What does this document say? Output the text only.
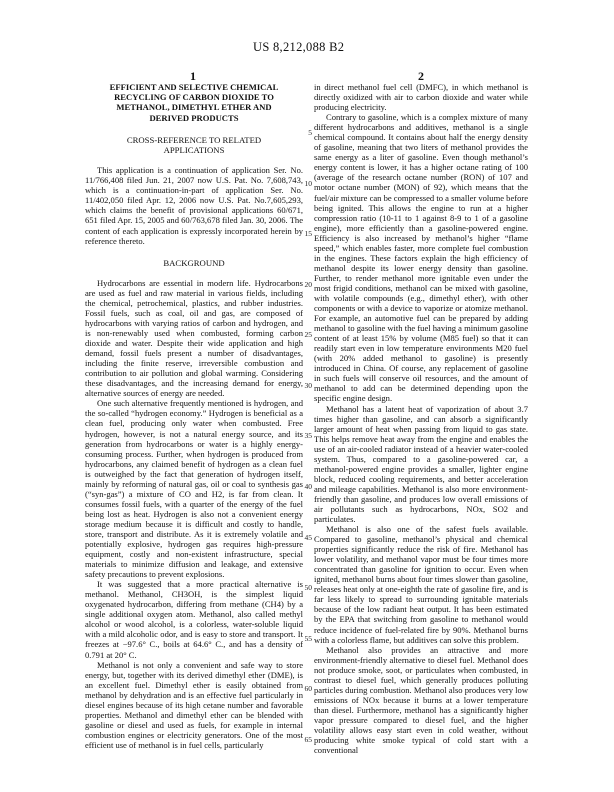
US 8,212,088 B2
1	2
EFFICIENT AND SELECTIVE CHEMICAL
RECYCLING OF CARBON DIOXIDE TO
METHANOL, DIMETHYL ETHER AND
DERIVED PRODUCTS
CROSS-REFERENCE TO RELATED
APPLICATIONS

This application is a continuation of application Ser. No. 11/766,408 filed Jun. 21, 2007 now U.S. Pat. No. 7,608,743, which is a continuation-in-part of application Ser. No. 11/402,050 filed Apr. 12, 2006 now U.S. Pat. No.7,605,293, which claims the benefit of provisional applications 60/671, 651 filed Apr. 15, 2005 and 60/763,678 filed Jan. 30, 2006. The content of each application is expressly incorporated herein by reference thereto.

BACKGROUND

Hydrocarbons are essential in modern life. Hydrocarbons are used as fuel and raw material in various fields, including the chemical, petrochemical, plastics, and rubber industries. Fossil fuels, such as coal, oil and gas, are composed of hydrocarbons with varying ratios of carbon and hydrogen, and is non-renewably used when combusted, forming carbon dioxide and water. Despite their wide application and high demand, fossil fuels present a number of disadvantages, including the finite reserve, irreversible combustion and contribution to air pollution and global warming. Considering these disadvantages, and the increasing demand for energy, alternative sources of energy are needed.

One such alternative frequently mentioned is hydrogen, and the so-called “hydrogen economy.” Hydrogen is beneficial as a clean fuel, producing only water when combusted. Free hydrogen, however, is not a natural energy source, and its generation from hydrocarbons or water is a highly energy-consuming process. Further, when hydrogen is produced from hydrocarbons, any claimed benefit of hydrogen as a clean fuel is outweighed by the fact that generation of hydrogen itself, mainly by reforming of natural gas, oil or coal to synthesis gas (“syn-gas”) a mixture of CO and H2, is far from clean. It consumes fossil fuels, with a quarter of the energy of the fuel being lost as heat. Hydrogen is also not a convenient energy storage medium because it is difficult and costly to handle, store, transport and distribute. As it is extremely volatile and potentially explosive, hydrogen gas requires high-pressure equipment, costly and non-existent infrastructure, special materials to minimize diffusion and leakage, and extensive safety precautions to prevent explosions.

It was suggested that a more practical alternative is methanol. Methanol, CH3OH, is the simplest liquid oxygenated hydrocarbon, differing from methane (CH4) by a single additional oxygen atom. Methanol, also called methyl alcohol or wood alcohol, is a colorless, water-soluble liquid with a mild alcoholic odor, and is easy to store and transport. It freezes at −97.6° C., boils at 64.6° C., and has a density of 0.791 at 20° C.

Methanol is not only a convenient and safe way to store energy, but, together with its derived dimethyl ether (DME), is an excellent fuel. Dimethyl ether is easily obtained from methanol by dehydration and is an effective fuel particularly in diesel engines because of its high cetane number and favorable properties. Methanol and dimethyl ether can be blended with gasoline or diesel and used as fuels, for example in internal combustion engines or electricity generators. One of the most efficient use of methanol is in fuel cells, particularly

5
10
15
20
25
30
35
40
45
50
55
60
65

in direct methanol fuel cell (DMFC), in which methanol is directly oxidized with air to carbon dioxide and water while producing electricity.

Contrary to gasoline, which is a complex mixture of many different hydrocarbons and additives, methanol is a single chemical compound. It contains about half the energy density of gasoline, meaning that two liters of methanol provides the same energy as a liter of gasoline. Even though methanol’s energy content is lower, it has a higher octane rating of 100 (average of the research octane number (RON) of 107 and motor octane number (MON) of 92), which means that the fuel/air mixture can be compressed to a smaller volume before being ignited. This allows the engine to run at a higher compression ratio (10-11 to 1 against 8-9 to 1 of a gasoline engine), more efficiently than a gasoline-powered engine. Efficiency is also increased by methanol’s higher “flame speed,” which enables faster, more complete fuel combustion in the engines. These factors explain the high efficiency of methanol despite its lower energy density than gasoline. Further, to render methanol more ignitable even under the most frigid conditions, methanol can be mixed with gasoline, with volatile compounds (e.g., dimethyl ether), with other components or with a device to vaporize or atomize methanol. For example, an automotive fuel can be prepared by adding methanol to gasoline with the fuel having a minimum gasoline content of at least 15% by volume (M85 fuel) so that it can readily start even in low temperature environments M20 fuel (with 20% added methanol to gasoline) is presently introduced in China. Of course, any replacement of gasoline in such fuels will conserve oil resources, and the amount of methanol to add can be determined depending upon the specific engine design.

Methanol has a latent heat of vaporization of about 3.7 times higher than gasoline, and can absorb a significantly larger amount of heat when passing from liquid to gas state. This helps remove heat away from the engine and enables the use of an air-cooled radiator instead of a heavier water-cooled system. Thus, compared to a gasoline-powered car, a methanol-powered engine provides a smaller, lighter engine block, reduced cooling requirements, and better acceleration and mileage capabilities. Methanol is also more environment-friendly than gasoline, and produces low overall emissions of air pollutants such as hydrocarbons, NOx, SO2 and particulates.

Methanol is also one of the safest fuels available. Compared to gasoline, methanol’s physical and chemical properties significantly reduce the risk of fire. Methanol has lower volatility, and methanol vapor must be four times more concentrated than gasoline for ignition to occur. Even when ignited, methanol burns about four times slower than gasoline, releases heat only at one-eighth the rate of gasoline fire, and is far less likely to spread to surrounding ignitable materials because of the low radiant heat output. It has been estimated by the EPA that switching from gasoline to methanol would reduce incidence of fuel-related fire by 90%. Methanol burns with a colorless flame, but additives can solve this problem.

Methanol also provides an attractive and more environment-friendly alternative to diesel fuel. Methanol does not produce smoke, soot, or particulates when combusted, in contrast to diesel fuel, which generally produces polluting particles during combustion. Methanol also produces very low emissions of NOx because it burns at a lower temperature than diesel. Furthermore, methanol has a significantly higher vapor pressure compared to diesel fuel, and the higher volatility allows easy start even in cold weather, without producing white smoke typical of cold start with a conventional
